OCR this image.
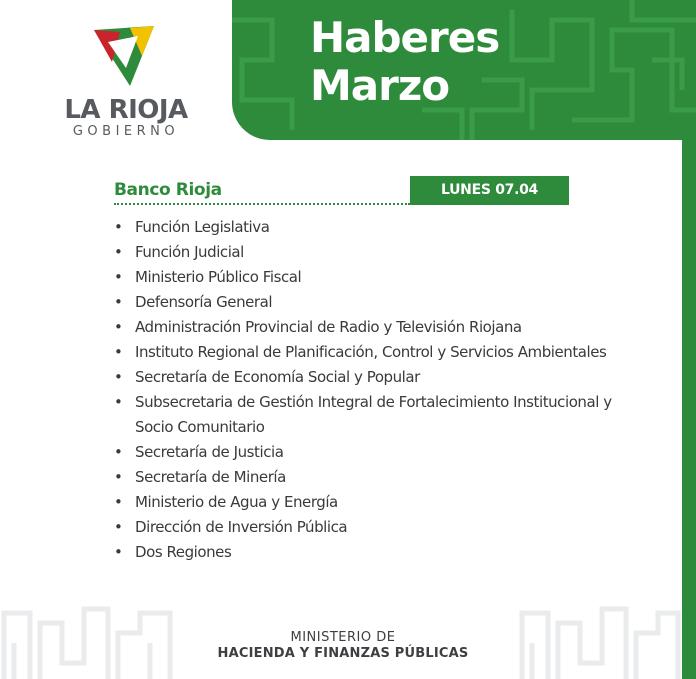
LA RIOJA
GOBIERNO
Haberes
Marzo
Banco Rioja	LUNES 07.04
• Función Legislativa
• Función Judicial
• Ministerio Público Fiscal
• Defensoría General
• Administración Provincial de Radio y Televisión Riojana
• Instituto Regional de Planificación, Control y Servicios Ambientales
• Secretaría de Economía Social y Popular
• Subsecretaria de Gestión Integral de Fortalecimiento Institucional y Socio Comunitario
• Secretaría de Justicia
• Secretaría de Minería
• Ministerio de Agua y Energía
• Dirección de Inversión Pública
• Dos Regiones
MINISTERIO DE
HACIENDA Y FINANZAS PÚBLICAS
